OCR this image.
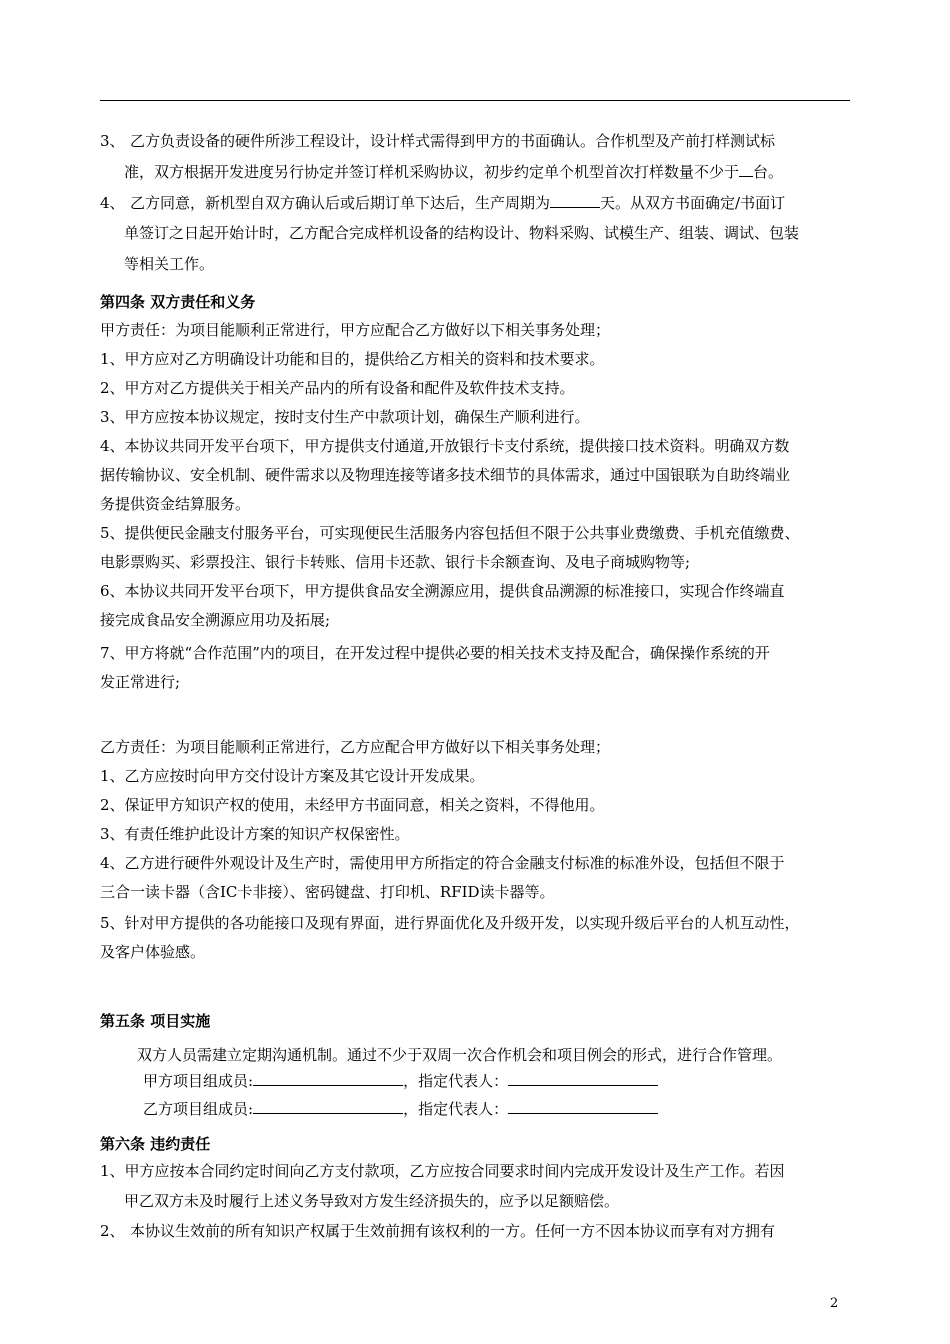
3、 乙方负责设备的硬件所涉工程设计，设计样式需得到甲方的书面确认。合作机型及产前打样测试标
准，双方根据开发进度另行协定并签订样机采购协议，初步约定单个机型首次打样数量不少于 台。
4、 乙方同意，新机型自双方确认后或后期订单下达后，生产周期为	天。从双方书面确定/书面订
单签订之日起开始计时，乙方配合完成样机设备的结构设计、物料采购、试模生产、组装、调试、包装
等相关工作。
第四条 双方责任和义务
甲方责任：为项目能顺利正常进行，甲方应配合乙方做好以下相关事务处理；
1、甲方应对乙方明确设计功能和目的，提供给乙方相关的资料和技术要求。
2、甲方对乙方提供关于相关产品内的所有设备和配件及软件技术支持。
3、甲方应按本协议规定，按时支付生产中款项计划，确保生产顺利进行。
4、本协议共同开发平台项下，甲方提供支付通道,开放银行卡支付系统，提供接口技术资料。明确双方数
据传输协议、安全机制、硬件需求以及物理连接等诸多技术细节的具体需求，通过中国银联为自助终端业
务提供资金结算服务。
5、提供便民金融支付服务平台，可实现便民生活服务内容包括但不限于公共事业费缴费、手机充值缴费、
电影票购买、彩票投注、银行卡转账、信用卡还款、银行卡余额查询、及电子商城购物等;
6、本协议共同开发平台项下，甲方提供食品安全溯源应用，提供食品溯源的标准接口，实现合作终端直
接完成食品安全溯源应用功及拓展;
7、甲方将就“合作范围”内的项目，在开发过程中提供必要的相关技术支持及配合，确保操作系统的开
发正常进行;
乙方责任：为项目能顺利正常进行，乙方应配合甲方做好以下相关事务处理；
1、乙方应按时向甲方交付设计方案及其它设计开发成果。
2、保证甲方知识产权的使用，未经甲方书面同意，相关之资料，不得他用。
3、有责任维护此设计方案的知识产权保密性。
4、乙方进行硬件外观设计及生产时，需使用甲方所指定的符合金融支付标准的标准外设，包括但不限于
三合一读卡器（含IC卡非接）、密码键盘、打印机、RFID读卡器等。
5、针对甲方提供的各功能接口及现有界面，进行界面优化及升级开发，以实现升级后平台的人机互动性，
及客户体验感。
第五条 项目实施
双方人员需建立定期沟通机制。通过不少于双周一次合作机会和项目例会的形式，进行合作管理。
甲方项目组成员:	，指定代表人：
乙方项目组成员:	，指定代表人：
第六条 违约责任
1、甲方应按本合同约定时间向乙方支付款项，乙方应按合同要求时间内完成开发设计及生产工作。若因
甲乙双方未及时履行上述义务导致对方发生经济损失的，应予以足额赔偿。
2、 本协议生效前的所有知识产权属于生效前拥有该权利的一方。任何一方不因本协议而享有对方拥有
2
